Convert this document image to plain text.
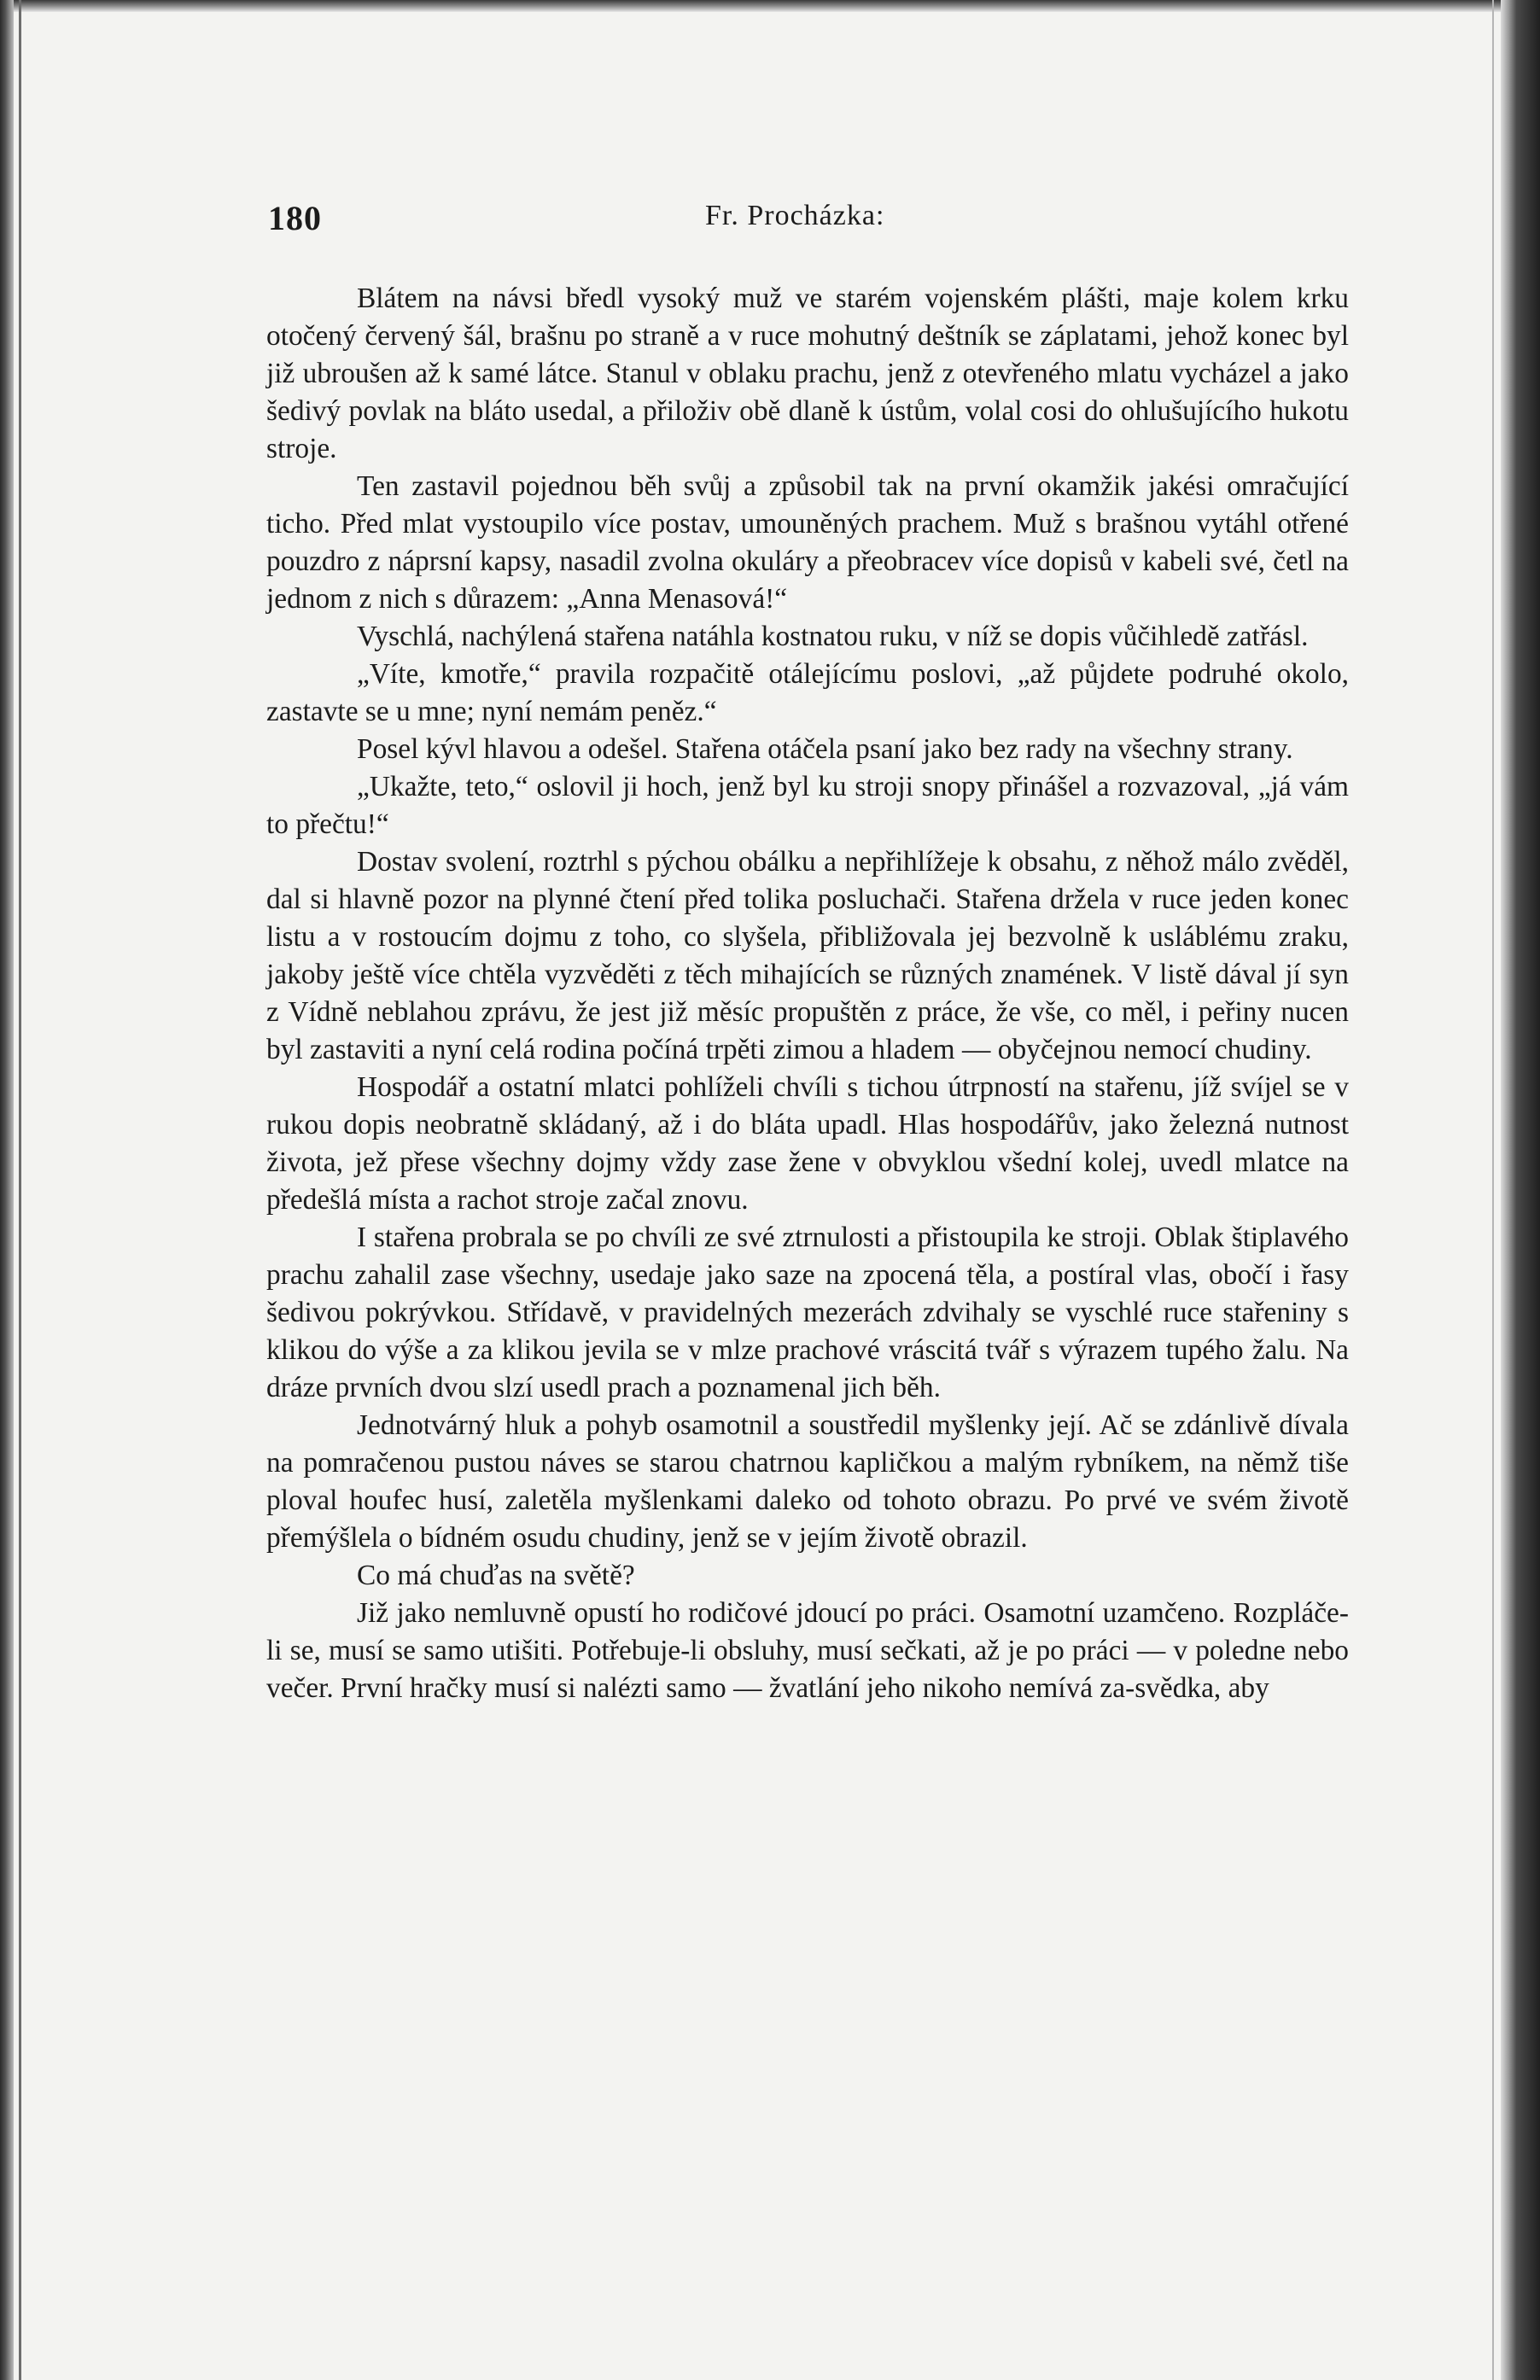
180	Fr. Procházka:

Blátem na návsi bředl vysoký muž ve starém vojenském plášti, maje kolem krku otočený červený šál, brašnu po straně a v ruce mohutný deštník se záplatami, jehož konec byl již ubroušen až k samé látce. Stanul v oblaku prachu, jenž z otevřeného mlatu vycházel a jako šedivý povlak na bláto usedal, a přiloživ obě dlaně k ústům, volal cosi do ohlušujícího hukotu stroje.

Ten zastavil pojednou běh svůj a způsobil tak na první okamžik jakési omračující ticho. Před mlat vystoupilo více postav, umouněných prachem. Muž s brašnou vytáhl otřené pouzdro z náprsní kapsy, nasadil zvolna okuláry a přeobracev více dopisů v kabeli své, četl na jednom z nich s důrazem: „Anna Menasová!“

Vyschlá, nachýlená stařena natáhla kostnatou ruku, v níž se dopis vůčihledě zatřásl.

„Víte, kmotře,“ pravila rozpačitě otálejícímu poslovi, „až půjdete podruhé okolo, zastavte se u mne; nyní nemám peněz.“

Posel kývl hlavou a odešel. Stařena otáčela psaní jako bez rady na všechny strany.

„Ukažte, teto,“ oslovil ji hoch, jenž byl ku stroji snopy přinášel a rozvazoval, „já vám to přečtu!“

Dostav svolení, roztrhl s pýchou obálku a nepřihlížeje k obsahu, z něhož málo zvěděl, dal si hlavně pozor na plynné čtení před tolika posluchači. Stařena držela v ruce jeden konec listu a v rostoucím dojmu z toho, co slyšela, přibližovala jej bezvolně k usláblému zraku, jakoby ještě více chtěla vyzvěděti z těch mihajících se různých znamének. V listě dával jí syn z Vídně neblahou zprávu, že jest již měsíc propuštěn z práce, že vše, co měl, i peřiny nucen byl zastaviti a nyní celá rodina počíná trpěti zimou a hladem — obyčejnou nemocí chudiny.

Hospodář a ostatní mlatci pohlíželi chvíli s tichou útrpností na stařenu, jíž svíjel se v rukou dopis neobratně skládaný, až i do bláta upadl. Hlas hospodářův, jako železná nutnost života, jež přese všechny dojmy vždy zase žene v obvyklou všední kolej, uvedl mlatce na předešlá místa a rachot stroje začal znovu.

I stařena probrala se po chvíli ze své ztrnulosti a přistoupila ke stroji. Oblak štiplavého prachu zahalil zase všechny, usedaje jako saze na zpocená těla, a postíral vlas, obočí i řasy šedivou pokrývkou. Střídavě, v pravidelných mezerách zdvihaly se vyschlé ruce stařeniny s klikou do výše a za klikou jevila se v mlze prachové vráscitá tvář s výrazem tupého žalu. Na dráze prvních dvou slzí usedl prach a poznamenal jich běh.

Jednotvárný hluk a pohyb osamotnil a soustředil myšlenky její. Ač se zdánlivě dívala na pomračenou pustou náves se starou chatrnou kapličkou a malým rybníkem, na němž tiše ploval houfec husí, zaletěla myšlenkami daleko od tohoto obrazu. Po prvé ve svém životě přemýšlela o bídném osudu chudiny, jenž se v jejím životě obrazil.

Co má chuďas na světě?

Již jako nemluvně opustí ho rodičové jdoucí po práci. Osamotní uzamčeno. Rozpláče-li se, musí se samo utišiti. Potřebuje-li obsluhy, musí sečkati, až je po práci — v poledne nebo večer. První hračky musí si nalézti samo — žvatlání jeho nikoho nemívá za-svědka, aby
